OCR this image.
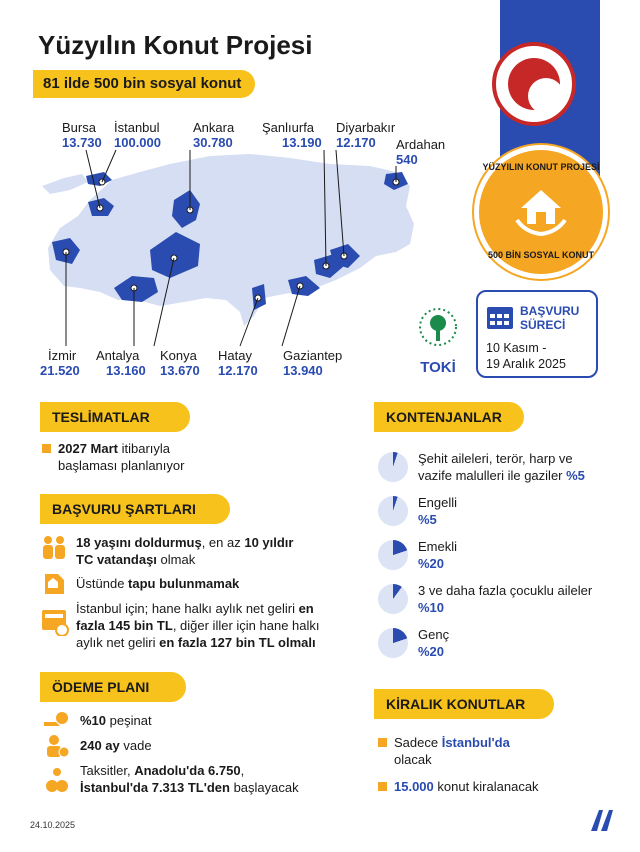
Yüzyılın Konut Projesi
81 ilde 500 bin sosyal konut
YÜZYILIN KONUT PROJESİ
500 BİN SOSYAL KONUT
TOKİ
BAŞVURU
SÜRECİ
10 Kasım -
19 Aralık 2025
Bursa
13.730
İstanbul
100.000
Ankara
30.780
Şanlıurfa
13.190
Diyarbakır
12.170	Ardahan
540
İzmir
21.520
Antalya
13.160
Konya
13.670
Hatay
12.170
Gaziantep
13.940
TESLİMATLAR
2027 Mart itibarıyla
başlaması planlanıyor
BAŞVURU ŞARTLARI
18 yaşını doldurmuş, en az 10 yıldır
TC vatandaşı olmak
Üstünde tapu bulunmamak
İstanbul için; hane halkı aylık net geliri en
fazla 145 bin TL, diğer iller için hane halkı
aylık net geliri en fazla 127 bin TL olmalı
ÖDEME PLANI
%10 peşinat
240 ay vade
Taksitler, Anadolu'da 6.750,
İstanbul'da 7.313 TL'den başlayacak
KONTENJANLAR
Şehit aileleri, terör, harp ve
vazife malulleri ile gaziler %5
Engelli
%5
Emekli
%20
3 ve daha fazla çocuklu aileler
%10
Genç
%20
KİRALIK KONUTLAR
Sadece İstanbul'da
olacak
15.000 konut kiralanacak
24.10.2025
